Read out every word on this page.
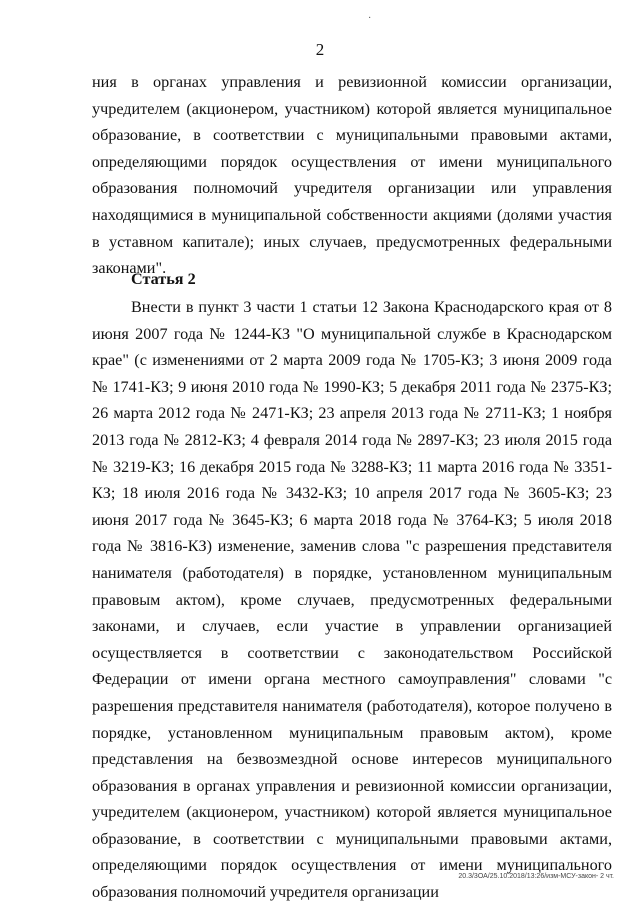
·
2

ния в органах управления и ревизионной комиссии организации, учредителем (акционером, участником) которой является муниципальное образование, в соответствии с муниципальными правовыми актами, определяющими порядок осуществления от имени муниципального образования полномочий учредителя организации или управления находящимися в муниципальной собственности акциями (долями участия в уставном капитале); иных случаев, предусмотренных федеральными законами".

Статья 2

Внести в пункт 3 части 1 статьи 12 Закона Краснодарского края от 8 июня 2007 года № 1244-КЗ "О муниципальной службе в Краснодарском крае" (с изменениями от 2 марта 2009 года № 1705-КЗ; 3 июня 2009 года № 1741-КЗ; 9 июня 2010 года № 1990-КЗ; 5 декабря 2011 года № 2375-КЗ; 26 марта 2012 года № 2471-КЗ; 23 апреля 2013 года № 2711-КЗ; 1 ноября 2013 года № 2812-КЗ; 4 февраля 2014 года № 2897-КЗ; 23 июля 2015 года № 3219-КЗ; 16 декабря 2015 года № 3288-КЗ; 11 марта 2016 года № 3351-КЗ; 18 июля 2016 года № 3432-КЗ; 10 апреля 2017 года № 3605-КЗ; 23 июня 2017 года № 3645-КЗ; 6 марта 2018 года № 3764-КЗ; 5 июля 2018 года № 3816-КЗ) изменение, заменив слова "с разрешения представителя нанимателя (работодателя) в порядке, установленном муниципальным правовым актом), кроме случаев, предусмотренных федеральными законами, и случаев, если участие в управлении организацией осуществляется в соответствии с законодательством Российской Федерации от имени органа местного самоуправления" словами "с разрешения представителя нанимателя (работодателя), которое получено в порядке, установленном муниципальным правовым актом), кроме представления на безвозмездной основе интересов муниципального образования в органах управления и ревизионной комиссии организации, учредителем (акционером, участником) которой является муниципальное образование, в соответствии с муниципальными правовыми актами, определяющими порядок осуществления от имени муниципального образования полномочий учредителя организации

20.3/3ОА/25.10.2018/13:26/изм-МСУ-закон- 2 чт.
